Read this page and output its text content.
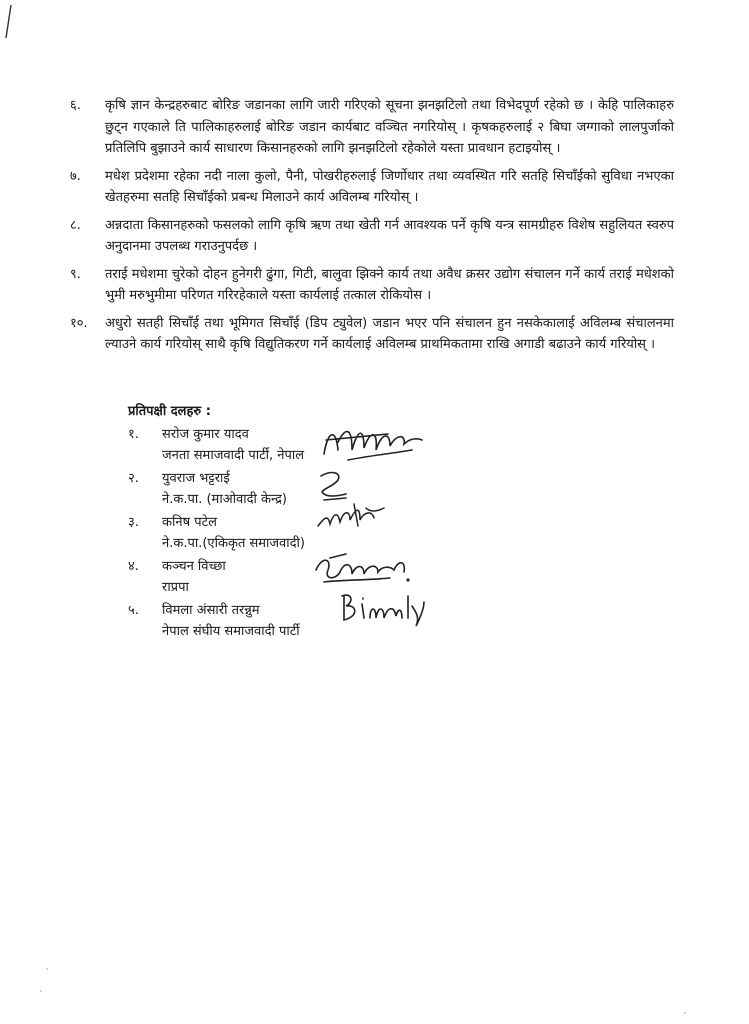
६.	कृषि ज्ञान केन्द्रहरुबाट बोरिङ जडानका लागि जारी गरिएको सूचना झनझटिलो तथा विभेदपूर्ण रहेको छ । केहि पालिकाहरु छुट्न गएकाले ति पालिकाहरुलाई बोरिङ जडान कार्यबाट वञ्चित नगरियोस् । कृषकहरुलाई २ बिघा जग्गाको लालपुर्जाको प्रतिलिपि बुझाउने कार्य साधारण किसानहरुको लागि झनझटिलो रहेकोले यस्ता प्रावधान हटाइयोस् ।
७.	मधेश प्रदेशमा रहेका नदी नाला कुलो, पैनी, पोखरीहरुलाई जिर्णोधार तथा व्यवस्थित गरि सतहि सिचाँईको सुविधा नभएका खेतहरुमा सतहि सिचाँईको प्रबन्ध मिलाउने कार्य अविलम्ब गरियोस् ।
८.	अन्नदाता किसानहरुको फसलको लागि कृषि ऋण तथा खेती गर्न आवश्यक पर्ने कृषि यन्त्र सामग्रीहरु विशेष सहुलियत स्वरुप अनुदानमा उपलब्ध गराउनुपर्दछ ।
९.	तराई मधेशमा चुरेको दोहन हुनेगरी ढुंगा, गिटी, बालुवा झिक्ने कार्य तथा अवैध क्रसर उद्योग संचालन गर्ने कार्य तराई मधेशको भुमी मरुभुमीमा परिणत गरिरहेकाले यस्ता कार्यलाई तत्काल रोकियोस ।
१०.	अधुरो सतही सिचाँई तथा भूमिगत सिचाँई (डिप ट्युवेल) जडान भएर पनि संचालन हुन नसकेकालाई अविलम्ब संचालनमा ल्याउने कार्य गरियोस् साथै कृषि विद्युतिकरण गर्ने कार्यलाई अविलम्ब प्राथमिकतामा राखि अगाडी बढाउने कार्य गरियोस् ।
प्रतिपक्षी दलहरु :
१.	सरोज कुमार यादव
जनता समाजवादी पार्टी, नेपाल
२.	युवराज भट्टराई
ने.क.पा. (माओवादी केन्द्र)
३.	कनिष पटेल
ने.क.पा.(एकिकृत समाजवादी)
४.	कञ्चन विच्छा
राप्रपा
५.	विमला अंसारी तरन्नुम
नेपाल संघीय समाजवादी पार्टी
